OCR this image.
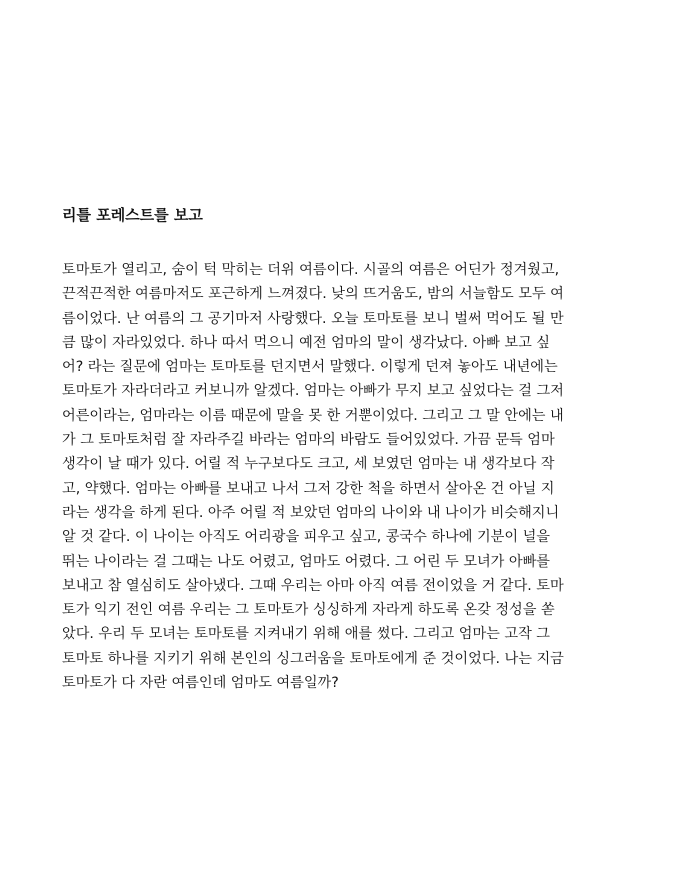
리틀 포레스트를 보고
토마토가 열리고, 숨이 턱 막히는 더위 여름이다. 시골의 여름은 어딘가 정겨웠고,
끈적끈적한 여름마저도 포근하게 느껴졌다. 낮의 뜨거움도, 밤의 서늘함도 모두 여
름이었다. 난 여름의 그 공기마저 사랑했다. 오늘 토마토를 보니 벌써 먹어도 될 만
큼 많이 자라있었다. 하나 따서 먹으니 예전 엄마의 말이 생각났다. 아빠 보고 싶
어? 라는 질문에 엄마는 토마토를 던지면서 말했다. 이렇게 던져 놓아도 내년에는
토마토가 자라더라고 커보니까 알겠다. 엄마는 아빠가 무지 보고 싶었다는 걸 그저
어른이라는, 엄마라는 이름 때문에 말을 못 한 거뿐이었다. 그리고 그 말 안에는 내
가 그 토마토처럼 잘 자라주길 바라는 엄마의 바람도 들어있었다. 가끔 문득 엄마
생각이 날 때가 있다. 어릴 적 누구보다도 크고, 세 보였던 엄마는 내 생각보다 작
고, 약했다. 엄마는 아빠를 보내고 나서 그저 강한 척을 하면서 살아온 건 아닐 지
라는 생각을 하게 된다. 아주 어릴 적 보았던 엄마의 나이와 내 나이가 비슷해지니
알 것 같다. 이 나이는 아직도 어리광을 피우고 싶고, 콩국수 하나에 기분이 널을
뛰는 나이라는 걸 그때는 나도 어렸고, 엄마도 어렸다. 그 어린 두 모녀가 아빠를
보내고 참 열심히도 살아냈다. 그때 우리는 아마 아직 여름 전이었을 거 같다. 토마
토가 익기 전인 여름 우리는 그 토마토가 싱싱하게 자라게 하도록 온갖 정성을 쏟
았다. 우리 두 모녀는 토마토를 지켜내기 위해 애를 썼다. 그리고 엄마는 고작 그
토마토 하나를 지키기 위해 본인의 싱그러움을 토마토에게 준 것이었다. 나는 지금
토마토가 다 자란 여름인데 엄마도 여름일까?
